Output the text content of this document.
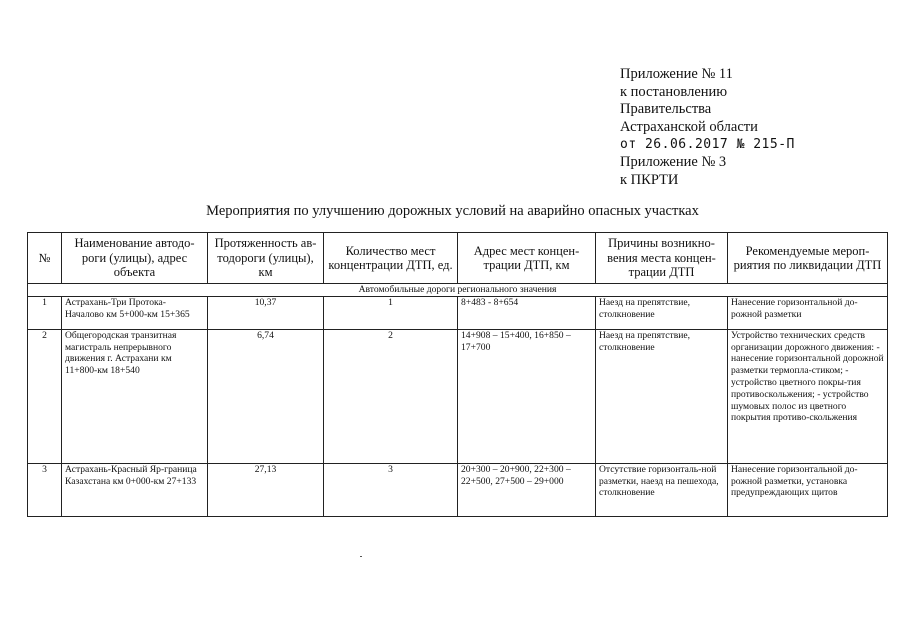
Приложение № 11
к постановлению
Правительства
Астраханской области
от 26.06.2017 № 215-П
Приложение № 3
к ПКРТИ
Мероприятия по улучшению дорожных условий на аварийно опасных участках
№	Наименование автодо-роги (улицы), адрес объекта	Протяженность ав-тодороги (улицы), км	Количество мест концентрации ДТП, ед.	Адрес мест концен-трации ДТП, км	Причины возникно-вения места концен-трации ДТП	Рекомендуемые мероп-риятия по ликвидации ДТП
Автомобильные дороги регионального значения						
1	Астрахань-Три Протока-Началово км 5+000-км 15+365	10,37	1	8+483 - 8+654	Наезд на препятствие, столкновение	Нанесение горизонтальной до-рожной разметки
2	Общегородская транзитная магистраль непрерывного движения г. Астрахани км 11+800-км 18+540	6,74	2	14+908 – 15+400, 16+850 – 17+700	Наезд на препятствие, столкновение	Устройство технических средств организации дорожного движения: - нанесение горизонтальной дорожной разметки термопла-стиком; - устройство цветного покры-тия противоскольжения; - устройство шумовых полос из цветного покрытия противо-скольжения
3	Астрахань-Красный Яр-граница Казахстана км 0+000-км 27+133	27,13	3	20+300 – 20+900, 22+300 – 22+500, 27+500 – 29+000	Отсутствие горизонталь-ной разметки, наезд на пешехода, столкновение	Нанесение горизонтальной до-рожной разметки, установка предупреждающих щитов
